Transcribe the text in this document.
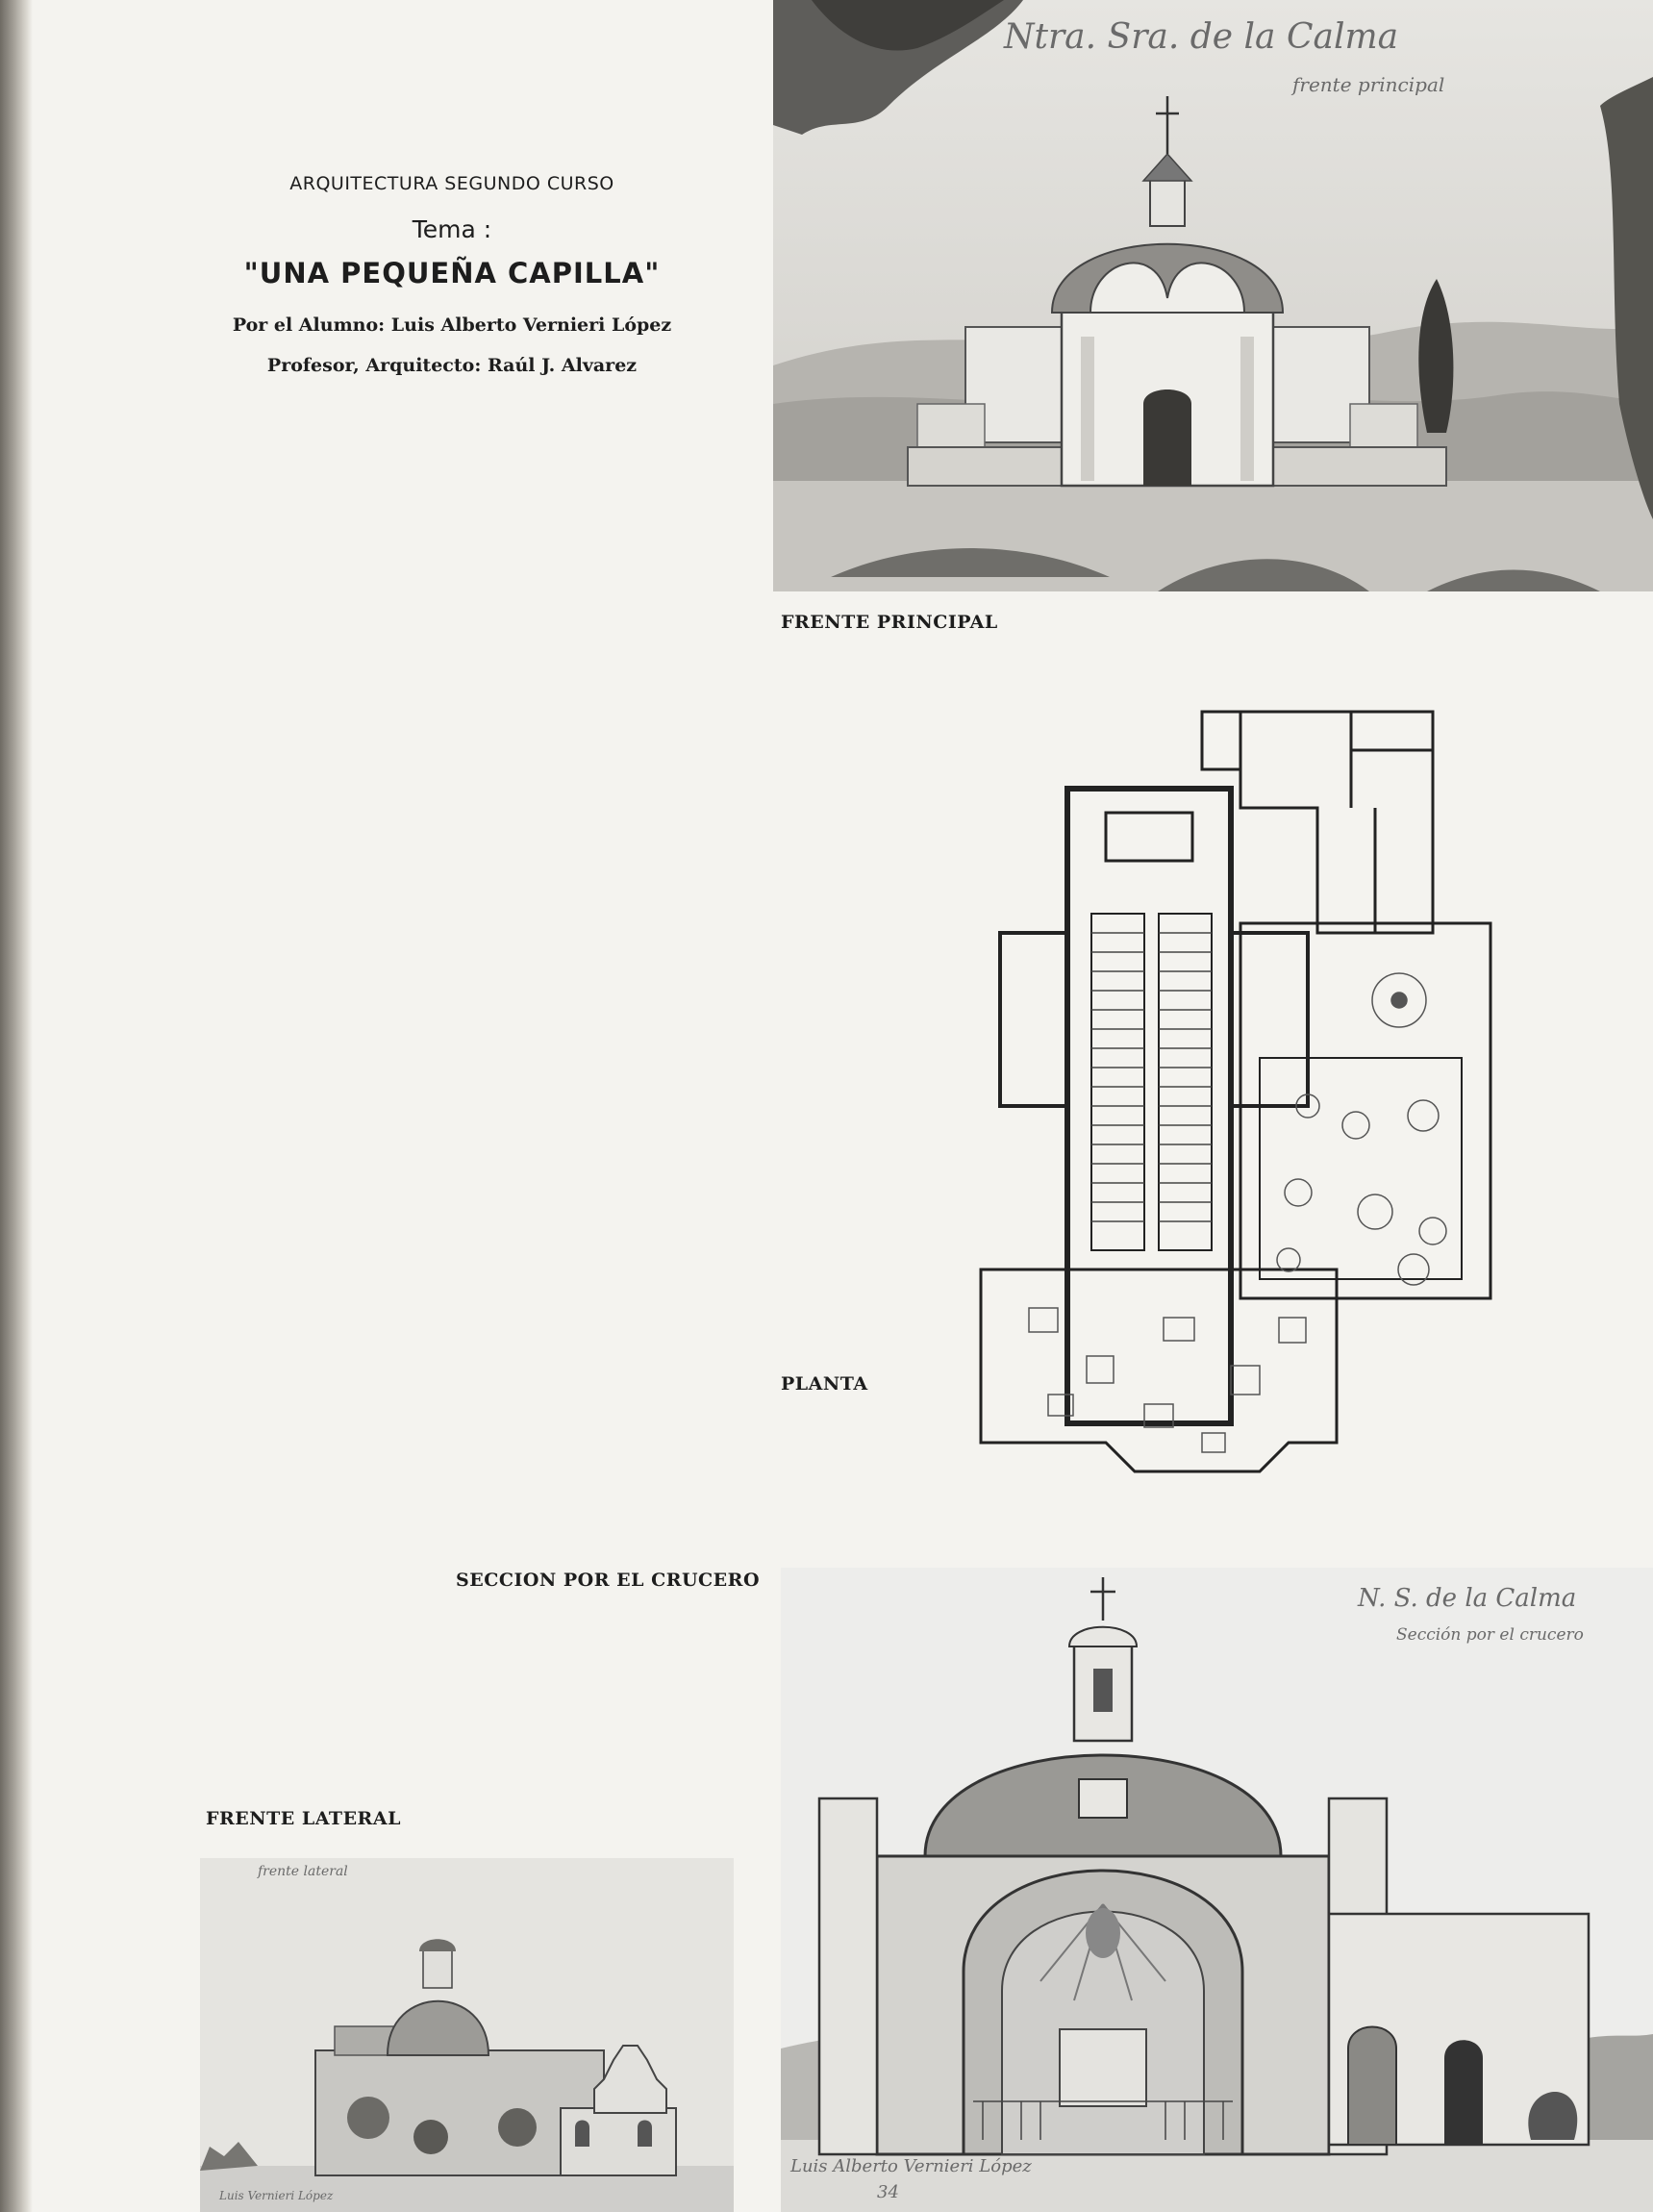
ARQUITECTURA SEGUNDO CURSO
Tema :
"UNA PEQUEÑA CAPILLA"
Por el Alumno: Luis Alberto Vernieri López
Profesor, Arquitecto: Raúl J. Alvarez
Ntra. Sra. de la Calma
frente principal
FRENTE PRINCIPAL
PLANTA
SECCION POR EL CRUCERO
N. S. de la Calma
Sección por el crucero
Luis Alberto Vernieri López
34
FRENTE LATERAL
frente lateral
Luis Vernieri López
